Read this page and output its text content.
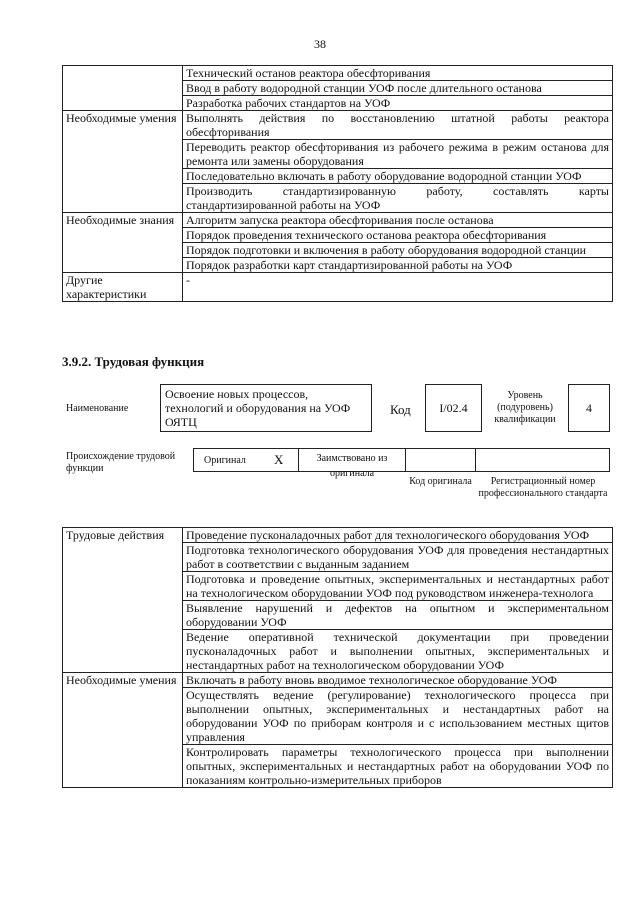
38
	Технический останов реактора обесфторивания
	Ввод в работу водородной станции УОФ после длительного останова
	Разработка рабочих стандартов на УОФ
Необходимые умения	Выполнять действия по восстановлению штатной работы реактора обесфторивания
	Переводить реактор обесфторивания из рабочего режима в режим останова для ремонта или замены оборудования
	Последовательно включать в работу оборудование водородной станции УОФ
	Производить стандартизированную работу, составлять карты стандартизированной работы на УОФ
Необходимые знания	Алгоритм запуска реактора обесфторивания после останова
	Порядок проведения технического останова реактора обесфторивания
	Порядок подготовки и включения в работу оборудования водородной станции
	Порядок разработки карт стандартизированной работы на УОФ
Другие характеристики	-
3.9.2. Трудовая функция
Наименование
Освоение новых процессов, технологий и оборудования на УОФ ОЯТЦ
Код	I/02.4
Уровень (подуровень) квалификации
4
Происхождение трудовой функции
Оригинал X	Заимствовано из оригинала
Код оригинала	Регистрационный номер профессионального стандарта
Трудовые действия	Проведение пусконаладочных работ для технологического оборудования УОФ
	Подготовка технологического оборудования УОФ для проведения нестандартных работ в соответствии с выданным заданием
	Подготовка и проведение опытных, экспериментальных и нестандартных работ на технологическом оборудовании УОФ под руководством инженера-технолога
	Выявление нарушений и дефектов на опытном и экспериментальном оборудовании УОФ
	Ведение оперативной технической документации при проведении пусконаладочных работ и выполнении опытных, экспериментальных и нестандартных работ на технологическом оборудовании УОФ
Необходимые умения	Включать в работу вновь вводимое технологическое оборудование УОФ
	Осуществлять ведение (регулирование) технологического процесса при выполнении опытных, экспериментальных и нестандартных работ на оборудовании УОФ по приборам контроля и с использованием местных щитов управления
	Контролировать параметры технологического процесса при выполнении опытных, экспериментальных и нестандартных работ на оборудовании УОФ по показаниям контрольно-измерительных приборов
